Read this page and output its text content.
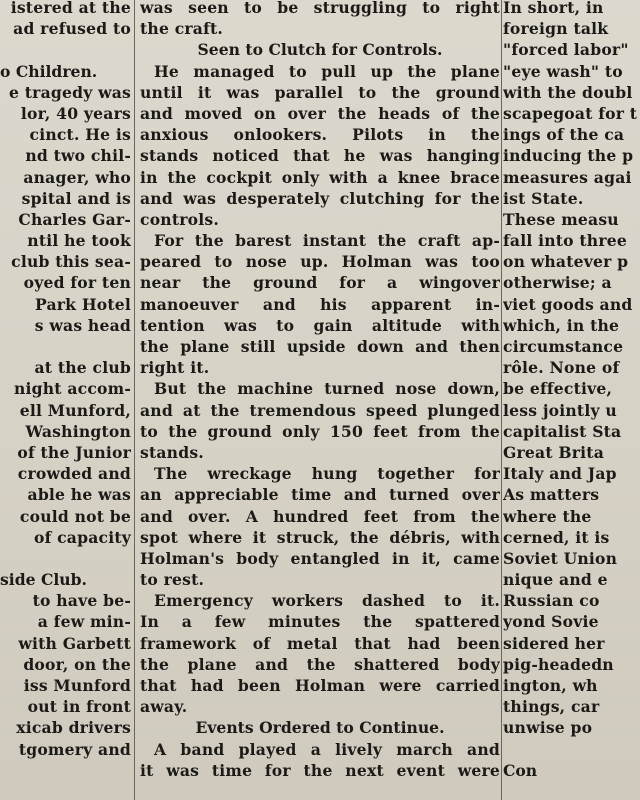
istered at the
ad refused to
o Children.
e tragedy was
lor, 40 years
cinct. He is
nd two chil-
anager, who
spital and is
Charles Gar-
ntil he took
club this sea-
oyed for ten
Park Hotel
s was head
at the club
night accom-
ell Munford,
Washington
of the Junior
crowded and
able he was
could not be
of capacity
side Club.
to have be-
a few min-
with Garbett
door, on the
iss Munford
out in front
xicab drivers
tgomery and
was seen to be struggling to right
the craft.
Seen to Clutch for Controls.
He managed to pull up the plane
until it was parallel to the ground
and moved on over the heads of the
anxious onlookers. Pilots in the
stands noticed that he was hanging
in the cockpit only with a knee brace
and was desperately clutching for the
controls.
For the barest instant the craft ap-
peared to nose up. Holman was too
near the ground for a wingover
manoeuver and his apparent in-
tention was to gain altitude with
the plane still upside down and then
right it.
But the machine turned nose down,
and at the tremendous speed plunged
to the ground only 150 feet from the
stands.
The wreckage hung together for
an appreciable time and turned over
and over. A hundred feet from the
spot where it struck, the débris, with
Holman's body entangled in it, came
to rest.
Emergency workers dashed to it.
In a few minutes the spattered
framework of metal that had been
the plane and the shattered body
that had been Holman were carried
away.
Events Ordered to Continue.
A band played a lively march and
it was time for the next event were
In short, in
foreign talk
"forced labor"
"eye wash" to
with the doubl
scapegoat for t
ings of the ca
inducing the p
measures agai
ist State.
These measu
fall into three
on whatever p
otherwise; a
viet goods and
which, in the
circumstance
rôle. None of
be effective,
less jointly u
capitalist Sta
Great Brita
Italy and Jap
As matters
where the
cerned, it is
Soviet Union
nique and e
Russian co
yond Sovie
sidered her
pig-headedn
ington, wh
things, car
unwise po
Con
